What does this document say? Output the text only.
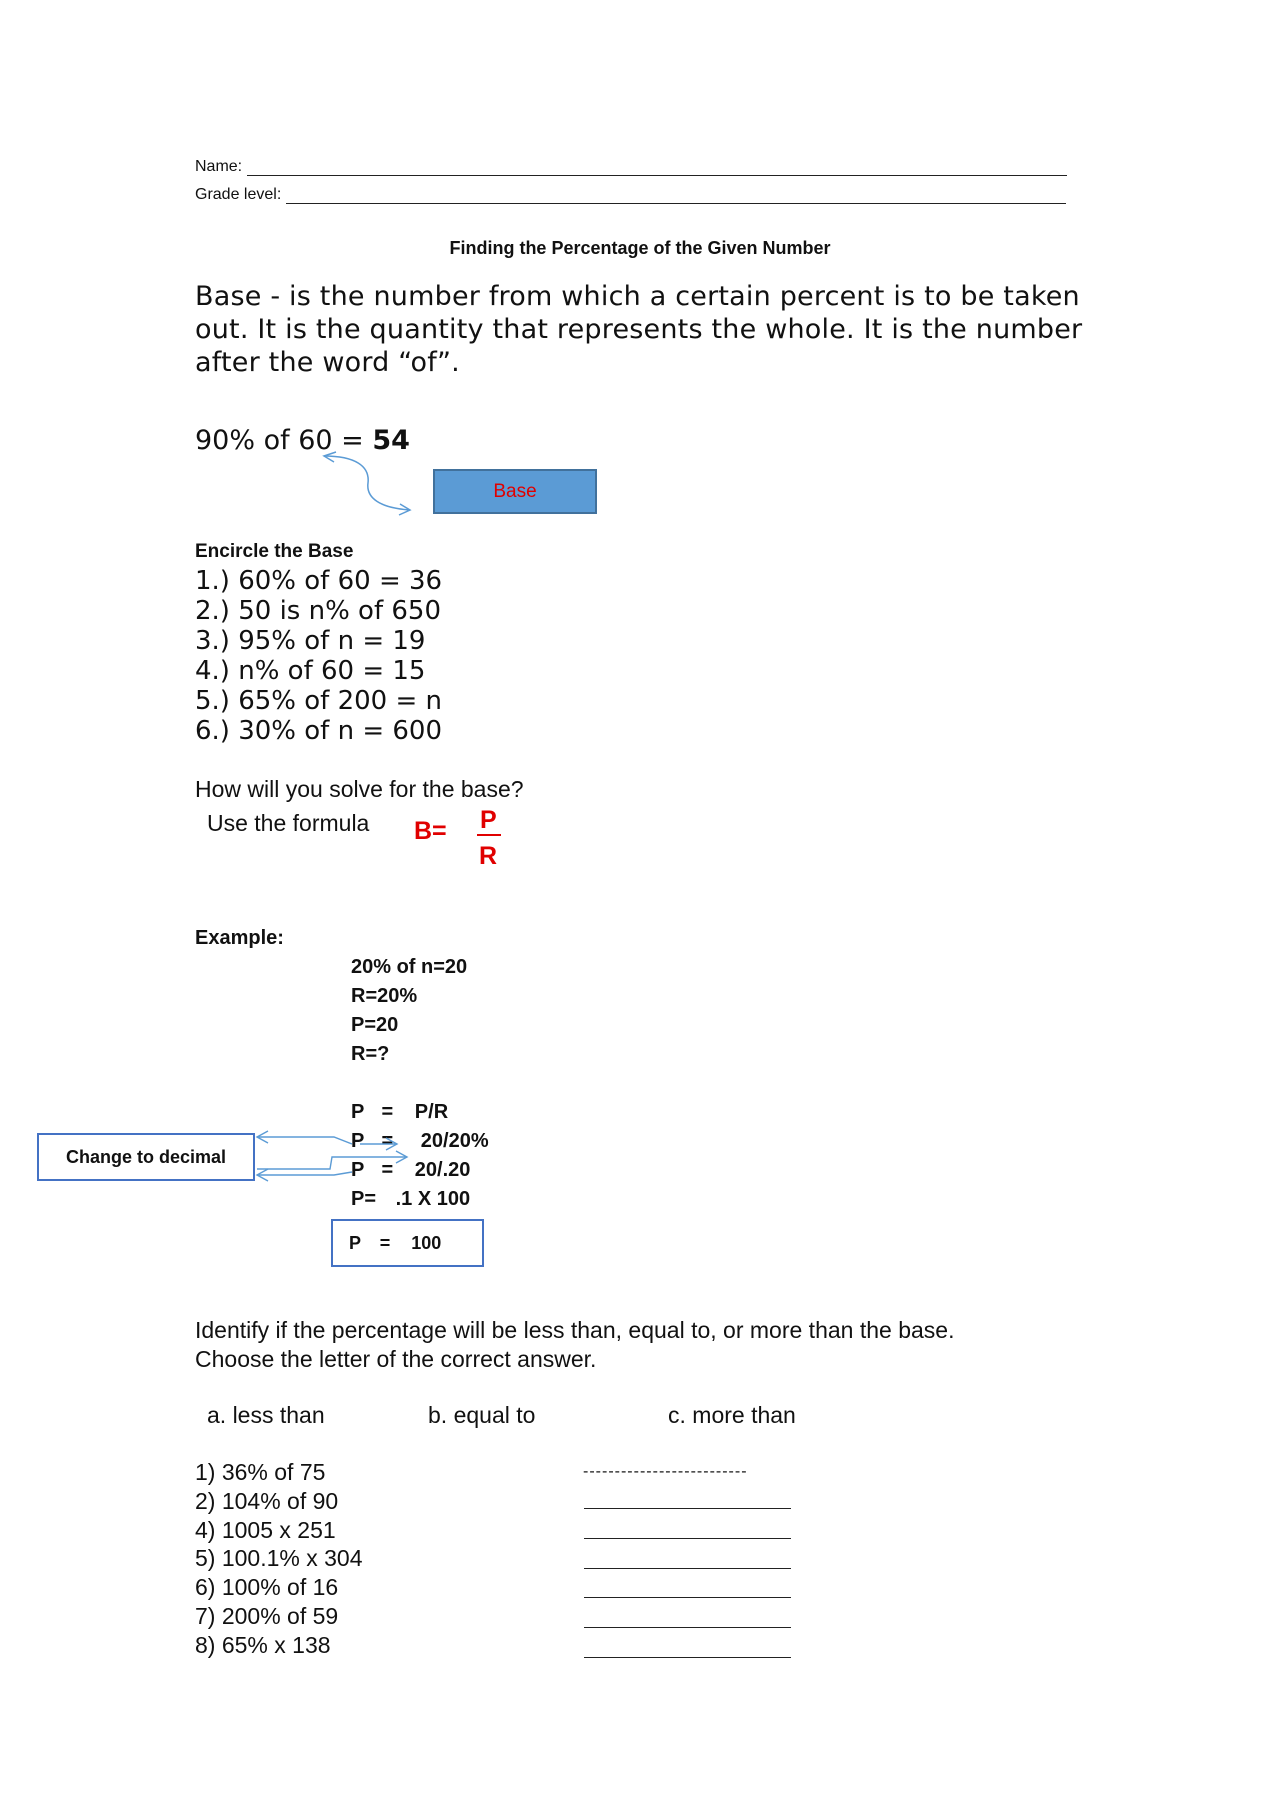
Name:
Grade level:
Finding the Percentage of the Given Number
Base - is the number from which a certain percent is to be taken out. It is the quantity that represents the whole. It is the number after the word “of”.
90% of 60 = 54
Base
Encircle the Base
1.) 60% of 60 = 36
2.) 50 is n% of 650
3.) 95% of n = 19
4.) n% of 60 = 15
5.) 65% of 200 = n
6.) 30% of n = 600
How will you solve for the base?
Use the formula B= P
R
Example:
20% of n=20
R=20%
P=20
R=?
P = P/R
P = 20/20%
P = 20/.20
P= .1 X 100
Change to decimal
P = 100
Identify if the percentage will be less than, equal to, or more than the base.
Choose the letter of the correct answer.
a. less than	b. equal to	c. more than
1) 36% of 75
2) 104% of 90
4) 1005 x 251
5) 100.1% x 304
6) 100% of 16
7) 200% of 59
8) 65% x 138
--------------------------
